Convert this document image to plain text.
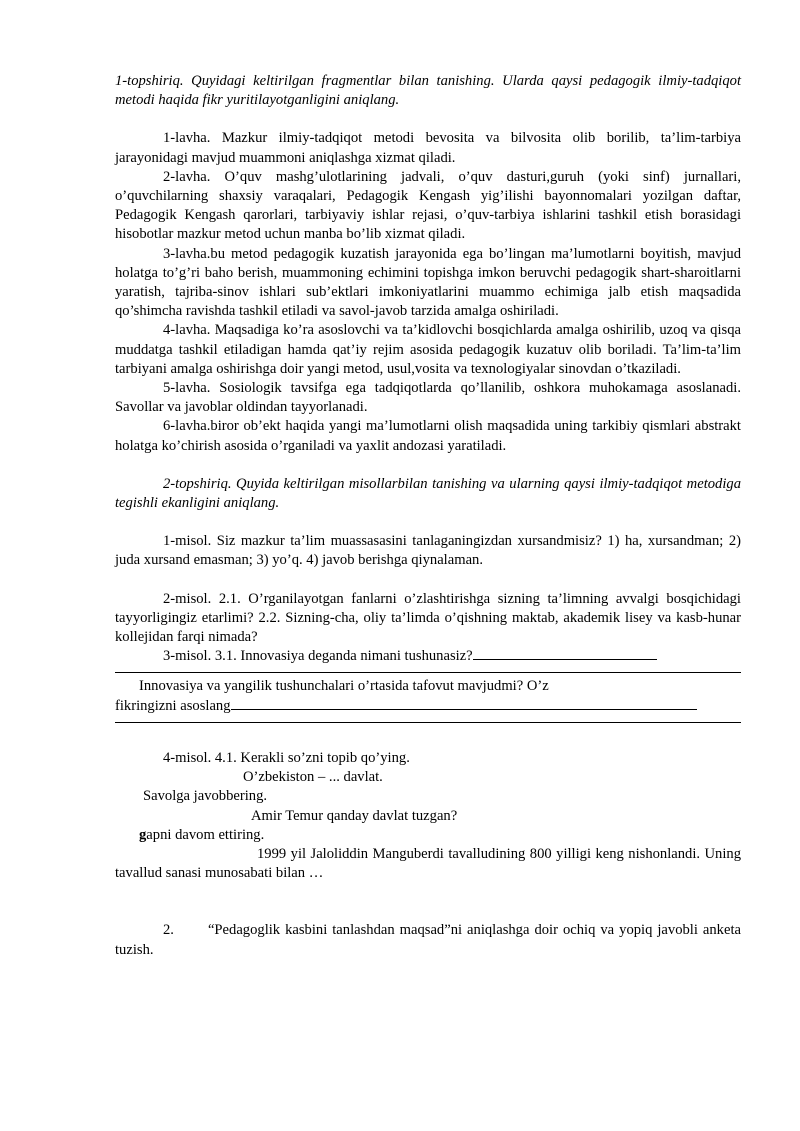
1-topshiriq. Quyidagi keltirilgan fragmentlar bilan tanishing. Ularda qaysi pedagogik ilmiy-tadqiqot metodi haqida fikr yuritilayotganligini aniqlang.

1-lavha. Mazkur ilmiy-tadqiqot metodi bevosita va bilvosita olib borilib, ta’lim-tarbiya jarayonidagi mavjud muammoni aniqlashga xizmat qiladi.

2-lavha. O’quv mashg’ulotlarining jadvali, o’quv dasturi,guruh (yoki sinf) jurnallari, o’quvchilarning shaxsiy varaqalari, Pedagogik Kengash yig’ilishi bayonnomalari yozilgan daftar, Pedagogik Kengash qarorlari, tarbiyaviy ishlar rejasi, o’quv-tarbiya ishlarini tashkil etish borasidagi hisobotlar mazkur metod uchun manba bo’lib xizmat qiladi.

3-lavha.bu metod pedagogik kuzatish jarayonida ega bo’lingan ma’lumotlarni boyitish, mavjud holatga to’g’ri baho berish, muammoning echimini topishga imkon beruvchi pedagogik shart-sharoitlarni yaratish, tajriba-sinov ishlari sub’ektlari imkoniyatlarini muammo echimiga jalb etish maqsadida qo’shimcha ravishda tashkil etiladi va savol-javob tarzida amalga oshiriladi.

4-lavha. Maqsadiga ko’ra asoslovchi va ta’kidlovchi bosqichlarda amalga oshirilib, uzoq va qisqa muddatga tashkil etiladigan hamda qat’iy rejim asosida pedagogik kuzatuv olib boriladi. Ta’lim-ta’lim tarbiyani amalga oshirishga doir yangi metod, usul,vosita va texnologiyalar sinovdan o’tkaziladi.

5-lavha. Sosiologik tavsifga ega tadqiqotlarda qo’llanilib, oshkora muhokamaga asoslanadi. Savollar va javoblar oldindan tayyorlanadi.

6-lavha.biror ob’ekt haqida yangi ma’lumotlarni olish maqsadida uning tarkibiy qismlari abstrakt holatga ko’chirish asosida o’rganiladi va yaxlit andozasi yaratiladi.

2-topshiriq. Quyida keltirilgan misollarbilan tanishing va ularning qaysi ilmiy-tadqiqot metodiga tegishli ekanligini aniqlang.

1-misol. Siz mazkur ta’lim muassasasini tanlaganingizdan xursandmisiz? 1) ha, xursandman; 2) juda xursand emasman; 3) yo’q. 4) javob berishga qiynalaman.

2-misol. 2.1. O’rganilayotgan fanlarni o’zlashtirishga sizning ta’limning avvalgi bosqichidagi tayyorligingiz etarlimi? 2.2. Sizning-cha, oliy ta’limda o’qishning maktab, akademik lisey va kasb-hunar kollejidan farqi nimada?

3-misol. 3.1. Innovasiya deganda nimani tushunasiz?

Innovasiya va yangilik tushunchalari o’rtasida tafovut mavjudmi? O’z

fikringizni asoslang

4-misol. 4.1. Kerakli so’zni topib qo’ying.

O’zbekiston – ... davlat.

Savolga javobbering.

Amir Temur qanday davlat tuzgan?

gapni davom ettiring.

1999 yil Jaloliddin Manguberdi tavalludining 800 yilligi keng nishonlandi. Uning tavallud sanasi munosabati bilan …

2. “Pedagoglik kasbini tanlashdan maqsad”ni aniqlashga doir ochiq va yopiq javobli anketa tuzish.
